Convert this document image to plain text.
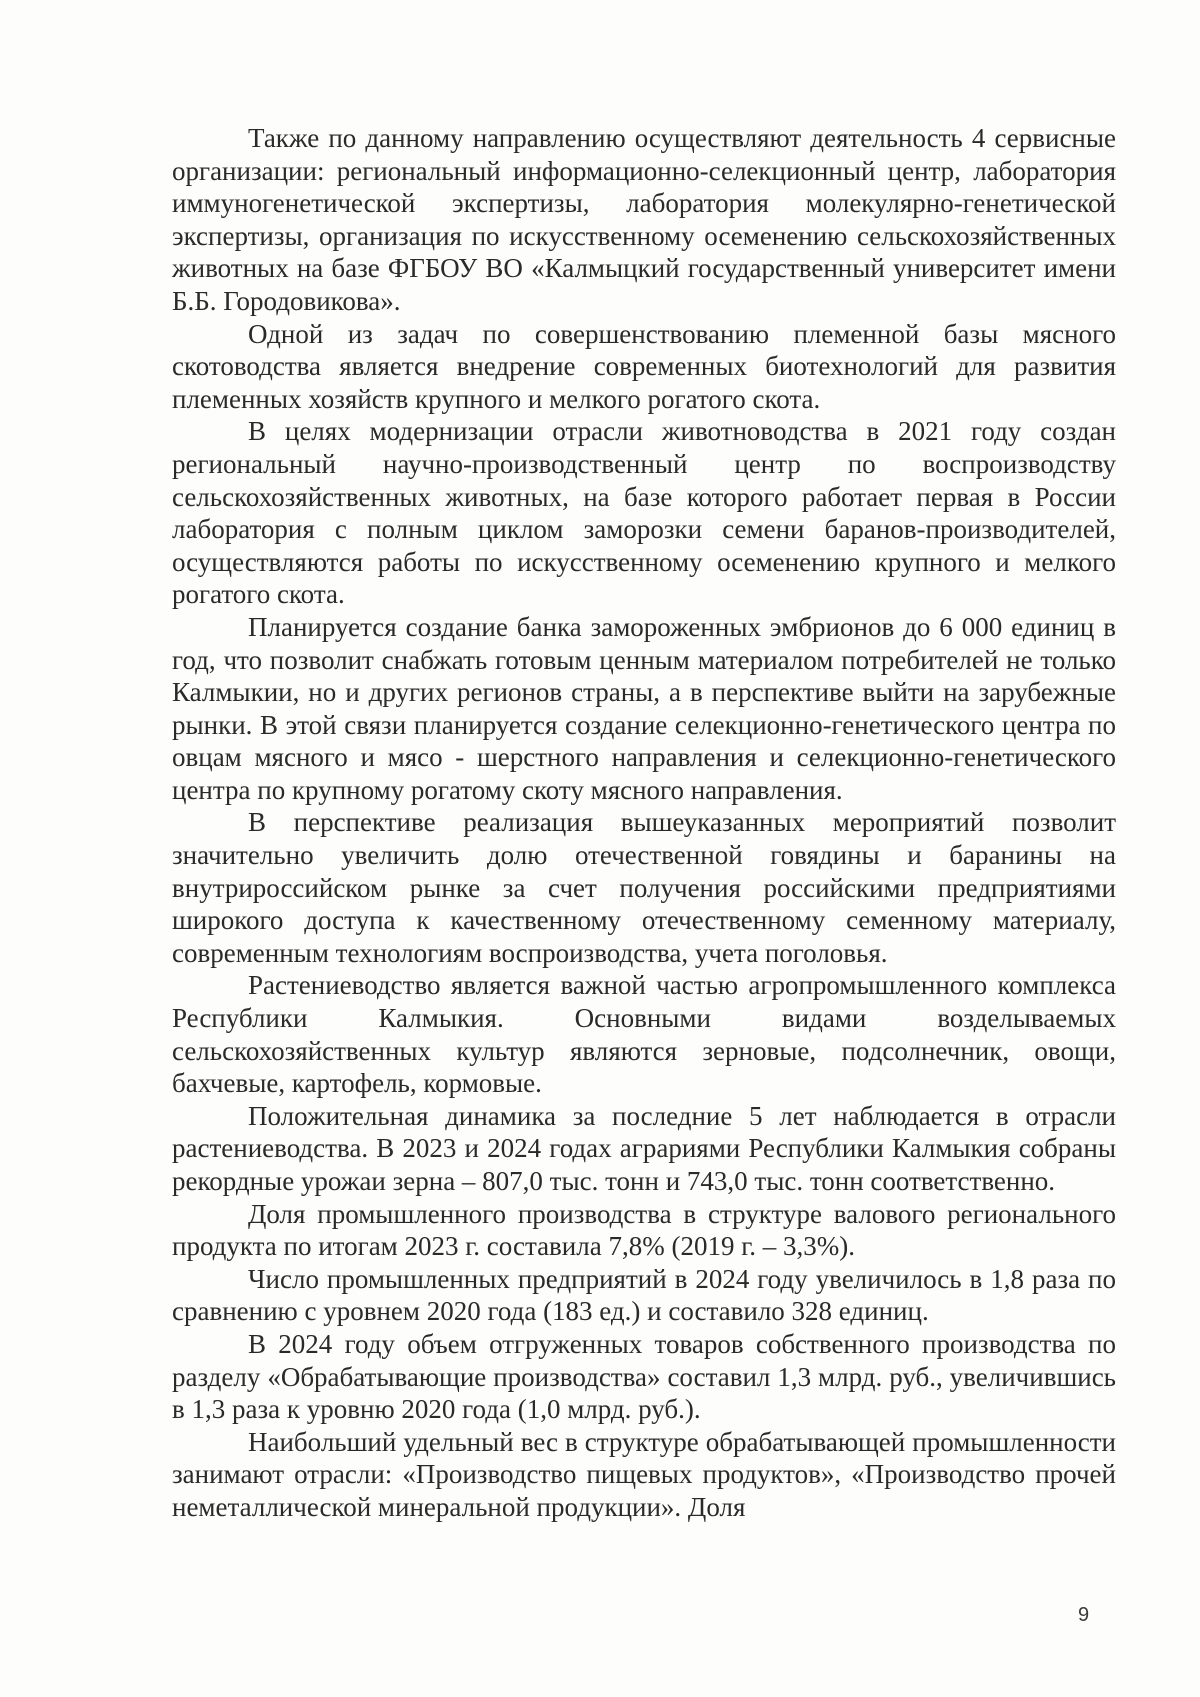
Также по данному направлению осуществляют деятельность 4 сервисные организации: региональный информационно-селекционный центр, лаборатория иммуногенетической экспертизы, лаборатория молекулярно-генетической экспертизы, организация по искусственному осеменению сельскохозяйственных животных на базе ФГБОУ ВО «Калмыцкий государственный университет имени Б.Б. Городовикова».

Одной из задач по совершенствованию племенной базы мясного скотоводства является внедрение современных биотехнологий для развития племенных хозяйств крупного и мелкого рогатого скота.

В целях модернизации отрасли животноводства в 2021 году создан региональный научно-производственный центр по воспроизводству сельскохозяйственных животных, на базе которого работает первая в России лаборатория с полным циклом заморозки семени баранов-производителей, осуществляются работы по искусственному осеменению крупного и мелкого рогатого скота.

Планируется создание банка замороженных эмбрионов до 6 000 единиц в год, что позволит снабжать готовым ценным материалом потребителей не только Калмыкии, но и других регионов страны, а в перспективе выйти на зарубежные рынки. В этой связи планируется создание селекционно-генетического центра по овцам мясного и мясо - шерстного направления и селекционно-генетического центра по крупному рогатому скоту мясного направления.

В перспективе реализация вышеуказанных мероприятий позволит значительно увеличить долю отечественной говядины и баранины на внутрироссийском рынке за счет получения российскими предприятиями широкого доступа к качественному отечественному семенному материалу, современным технологиям воспроизводства, учета поголовья.

Растениеводство является важной частью агропромышленного комплекса Республики Калмыкия. Основными видами возделываемых сельскохозяйственных культур являются зерновые, подсолнечник, овощи, бахчевые, картофель, кормовые.

Положительная динамика за последние 5 лет наблюдается в отрасли растениеводства. В 2023 и 2024 годах аграриями Республики Калмыкия собраны рекордные урожаи зерна – 807,0 тыс. тонн и 743,0 тыс. тонн соответственно.

Доля промышленного производства в структуре валового регионального продукта по итогам 2023 г. составила 7,8% (2019 г. – 3,3%).

Число промышленных предприятий в 2024 году увеличилось в 1,8 раза по сравнению с уровнем 2020 года (183 ед.) и составило 328 единиц.

В 2024 году объем отгруженных товаров собственного производства по разделу «Обрабатывающие производства» составил 1,3 млрд. руб., увеличившись в 1,3 раза к уровню 2020 года (1,0 млрд. руб.).

Наибольший удельный вес в структуре обрабатывающей промышленности занимают отрасли: «Производство пищевых продуктов», «Производство прочей неметаллической минеральной продукции». Доля

9
